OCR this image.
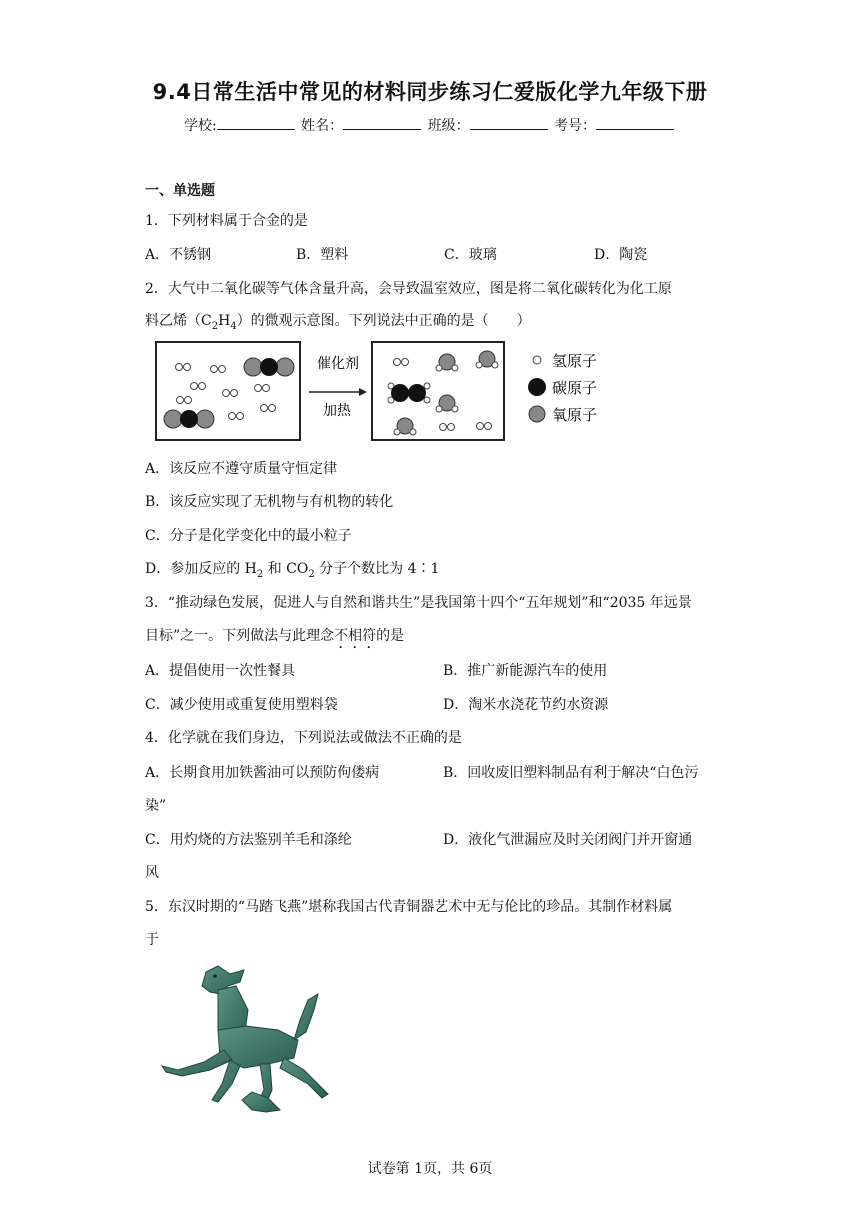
9.4日常生活中常见的材料同步练习仁爱版化学九年级下册
学校:	姓名：	班级：	考号：
一、单选题
1．下列材料属于合金的是
A．不锈钢	B．塑料	C．玻璃	D．陶瓷
2．大气中二氧化碳等气体含量升高，会导致温室效应，图是将二氧化碳转化为化工原
料乙烯$(C_2H_4)$的微观示意图。下列说法中正确的是（　　）
催化剂
加热
氢原子
碳原子
氧原子
A．该反应不遵守质量守恒定律
B．该反应实现了无机物与有机物的转化
C．分子是化学变化中的最小粒子
D．参加反应的 $H_2$ 和 $CO_2$ 分子个数比为 4∶1
3．“推动绿色发展，促进人与自然和谐共生”是我国第十四个“五年规划”和“2035 年远景
目标”之一。下列做法与此理念不相符的是
A．提倡使用一次性餐具	B．推广新能源汽车的使用
C．减少使用或重复使用塑料袋	D．淘米水浇花节约水资源
4．化学就在我们身边，下列说法或做法不正确的是
A．长期食用加铁酱油可以预防佝偻病	B．回收废旧塑料制品有利于解决“白色污
染”
C．用灼烧的方法鉴别羊毛和涤纶	D．液化气泄漏应及时关闭阀门并开窗通
风
5．东汉时期的“马踏飞燕”堪称我国古代青铜器艺术中无与伦比的珍品。其制作材料属
于
试卷第 1页，共 6页
